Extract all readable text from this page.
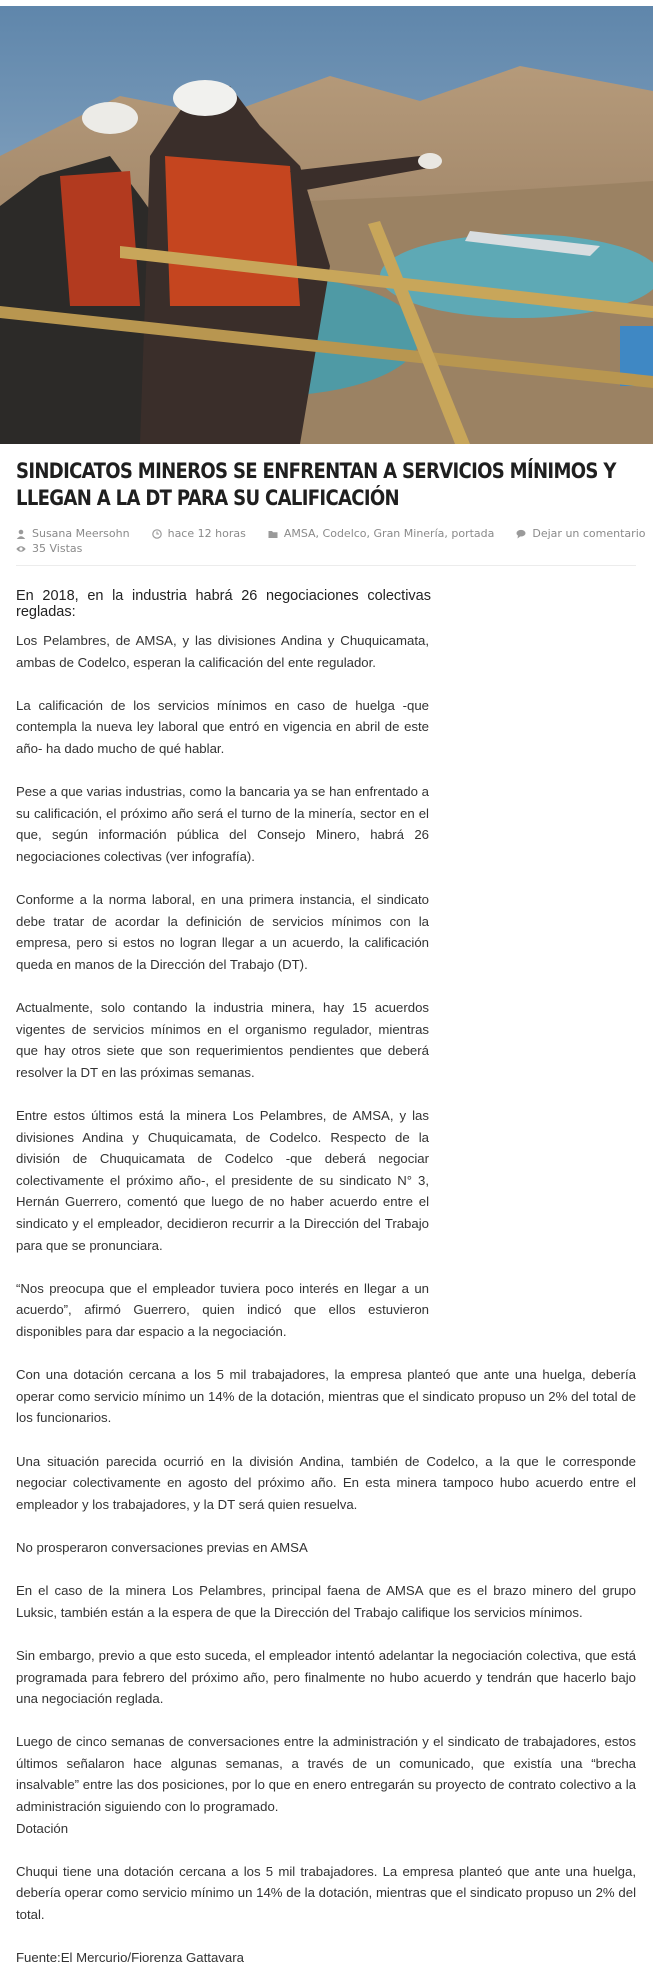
SINDICATOS MINEROS SE ENFRENTAN A SERVICIOS MÍNIMOS Y LLEGAN A LA DT PARA SU CALIFICACIÓN
Susana Meersohn	hace 12 horas	AMSA, Codelco, Gran Minería, portada	Dejar un comentario
35 Vistas
En 2018, en la industria habrá 26 negociaciones colectivas regladas:

Los Pelambres, de AMSA, y las divisiones Andina y Chuquicamata, ambas de Codelco, esperan la calificación del ente regulador.

La calificación de los servicios mínimos en caso de huelga -que contempla la nueva ley laboral que entró en vigencia en abril de este año- ha dado mucho de qué hablar.

Pese a que varias industrias, como la bancaria ya se han enfrentado a su calificación, el próximo año será el turno de la minería, sector en el que, según información pública del Consejo Minero, habrá 26 negociaciones colectivas (ver infografía).

Conforme a la norma laboral, en una primera instancia, el sindicato debe tratar de acordar la definición de servicios mínimos con la empresa, pero si estos no logran llegar a un acuerdo, la calificación queda en manos de la Dirección del Trabajo (DT).

Actualmente, solo contando la industria minera, hay 15 acuerdos vigentes de servicios mínimos en el organismo regulador, mientras que hay otros siete que son requerimientos pendientes que deberá resolver la DT en las próximas semanas.

Entre estos últimos está la minera Los Pelambres, de AMSA, y las divisiones Andina y Chuquicamata, de Codelco. Respecto de la división de Chuquicamata de Codelco -que deberá negociar colectivamente el próximo año-, el presidente de su sindicato N° 3, Hernán Guerrero, comentó que luego de no haber acuerdo entre el sindicato y el empleador, decidieron recurrir a la Dirección del Trabajo para que se pronunciara.

“Nos preocupa que el empleador tuviera poco interés en llegar a un acuerdo”, afirmó Guerrero, quien indicó que ellos estuvieron disponibles para dar espacio a la negociación.

Con una dotación cercana a los 5 mil trabajadores, la empresa planteó que ante una huelga, debería operar como servicio mínimo un 14% de la dotación, mientras que el sindicato propuso un 2% del total de los funcionarios.

Una situación parecida ocurrió en la división Andina, también de Codelco, a la que le corresponde negociar colectivamente en agosto del próximo año. En esta minera tampoco hubo acuerdo entre el empleador y los trabajadores, y la DT será quien resuelva.

No prosperaron conversaciones previas en AMSA

En el caso de la minera Los Pelambres, principal faena de AMSA que es el brazo minero del grupo Luksic, también están a la espera de que la Dirección del Trabajo califique los servicios mínimos.

Sin embargo, previo a que esto suceda, el empleador intentó adelantar la negociación colectiva, que está programada para febrero del próximo año, pero finalmente no hubo acuerdo y tendrán que hacerlo bajo una negociación reglada.

Luego de cinco semanas de conversaciones entre la administración y el sindicato de trabajadores, estos últimos señalaron hace algunas semanas, a través de un comunicado, que existía una “brecha insalvable” entre las dos posiciones, por lo que en enero entregarán su proyecto de contrato colectivo a la administración siguiendo con lo programado.

Dotación

Chuqui tiene una dotación cercana a los 5 mil trabajadores. La empresa planteó que ante una huelga, debería operar como servicio mínimo un 14% de la dotación, mientras que el sindicato propuso un 2% del total.

Fuente:El Mercurio/Fiorenza Gattavara
